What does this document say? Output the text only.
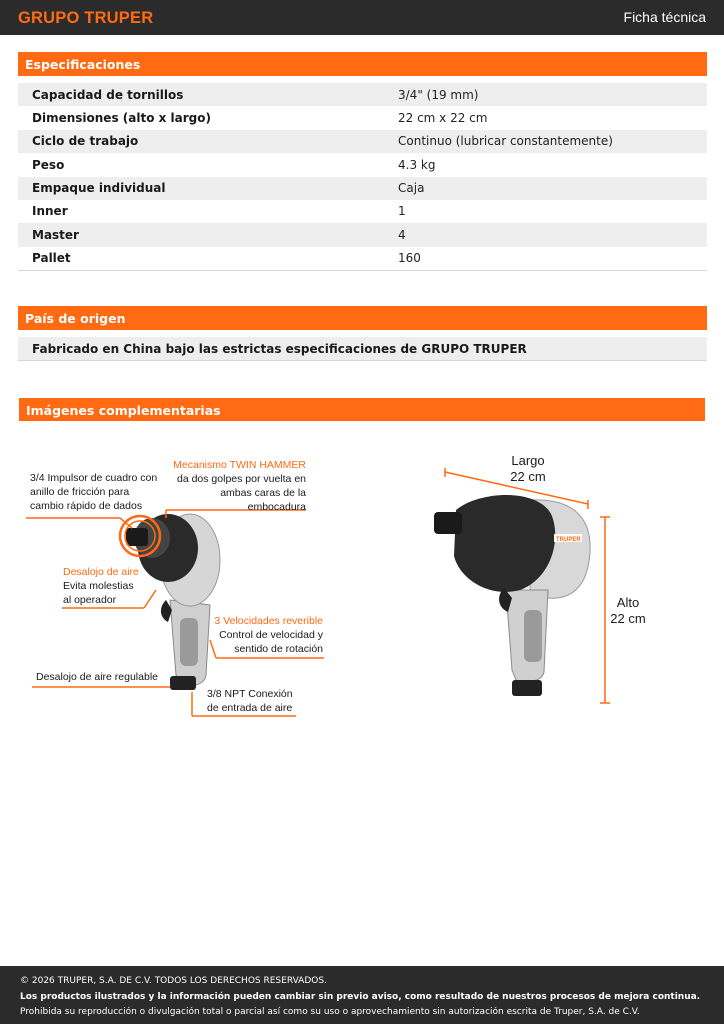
GRUPO TRUPER	Ficha técnica
Especificaciones
Capacidad de tornillos	3/4" (19 mm)
Dimensiones (alto x largo)	22 cm x 22 cm
Ciclo de trabajo	Continuo (lubricar constantemente)
Peso	4.3 kg
Empaque individual	Caja
Inner	1
Master	4
Pallet	160
País de origen
Fabricado en China bajo las estrictas especificaciones de GRUPO TRUPER
Imágenes complementarias
3/4 Impulsor de cuadro con
anillo de fricción para
cambio rápido de dados
Mecanismo TWIN HAMMER
da dos golpes por vuelta en
ambas caras de la embocadura
Desalojo de aire
Evita molestias
al operador
3 Velocidades reverible
Control de velocidad y
sentido de rotación
Desalojo de aire regulable
3/8 NPT Conexión
de entrada de aire
TRUPER
Largo
22 cm
Alto
22 cm
© 2026 TRUPER, S.A. DE C.V. TODOS LOS DERECHOS RESERVADOS.
Los productos ilustrados y la información pueden cambiar sin previo aviso, como resultado de nuestros procesos de mejora continua.
Prohibida su reproducción o divulgación total o parcial así como su uso o aprovechamiento sin autorización escrita de Truper, S.A. de C.V.
